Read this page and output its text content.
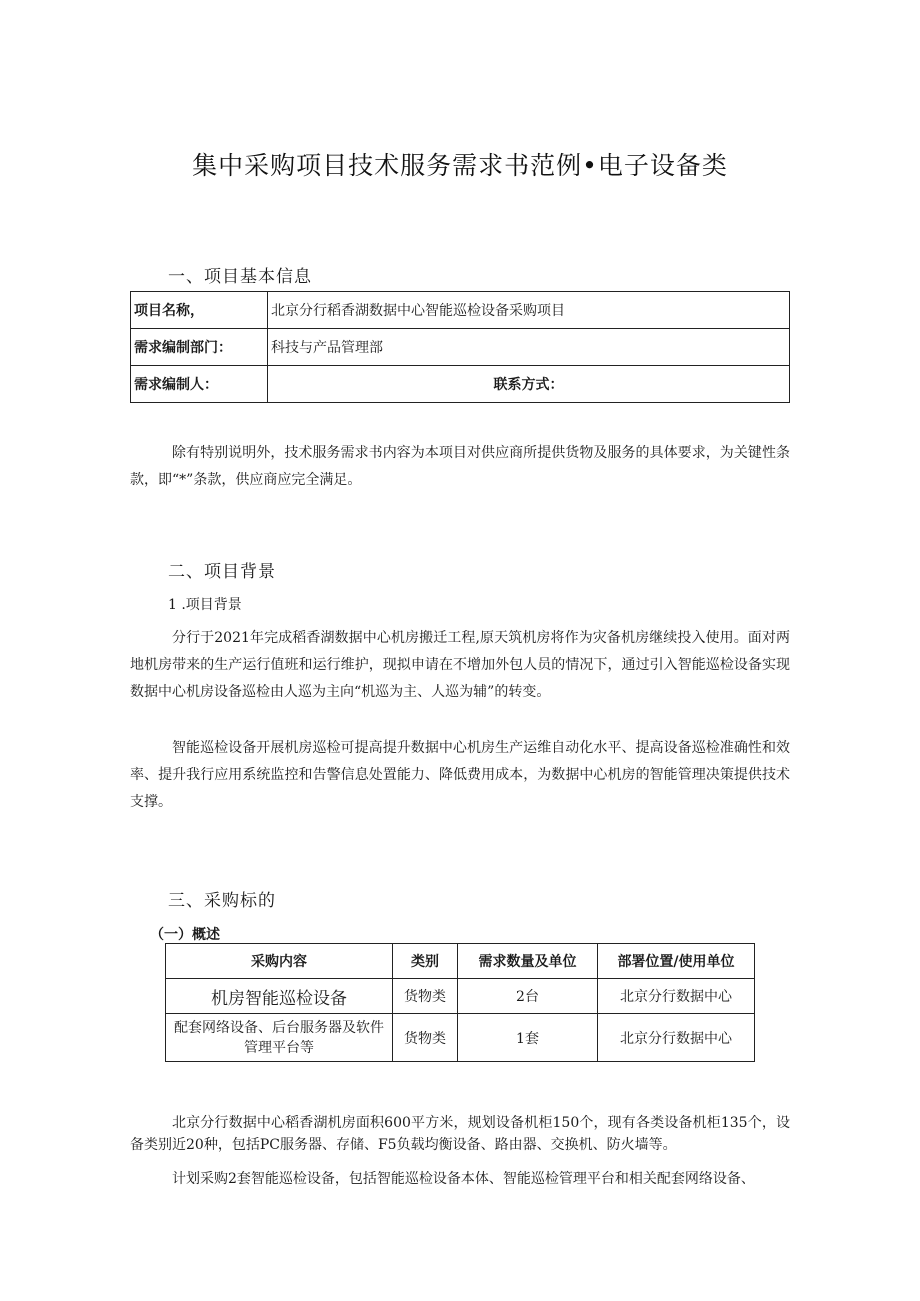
集中采购项目技术服务需求书范例•电子设备类
一、项目基本信息
项目名称，	北京分行稻香湖数据中心智能巡检设备采购项目
需求编制部门：	科技与产品管理部
需求编制人：	联系方式：
除有特别说明外，技术服务需求书内容为本项目对供应商所提供货物及服务的具体要求，为关键性条款，即“*”条款，供应商应完全满足。
二、项目背景
1 .项目背景
分行于2021年完成稻香湖数据中心机房搬迁工程,原天筑机房将作为灾备机房继续投入使用。面对两地机房带来的生产运行值班和运行维护，现拟申请在不增加外包人员的情况下，通过引入智能巡检设备实现数据中心机房设备巡检由人巡为主向“机巡为主、人巡为辅”的转变。
智能巡检设备开展机房巡检可提高提升数据中心机房生产运维自动化水平、提高设备巡检准确性和效率、提升我行应用系统监控和告警信息处置能力、降低费用成本，为数据中心机房的智能管理决策提供技术支撑。
三、采购标的
（一）概述
采购内容	类别	需求数量及单位	部署位置/使用单位
机房智能巡检设备	货物类	2台	北京分行数据中心
配套网络设备、后台服务器及软件管理平台等	货物类	1套	北京分行数据中心
北京分行数据中心稻香湖机房面积600平方米，规划设备机柜150个，现有各类设备机柜135个，设备类别近20种，包括PC服务器、存储、F5负载均衡设备、路由器、交换机、防火墙等。
计划采购2套智能巡检设备，包括智能巡检设备本体、智能巡检管理平台和相关配套网络设备、
